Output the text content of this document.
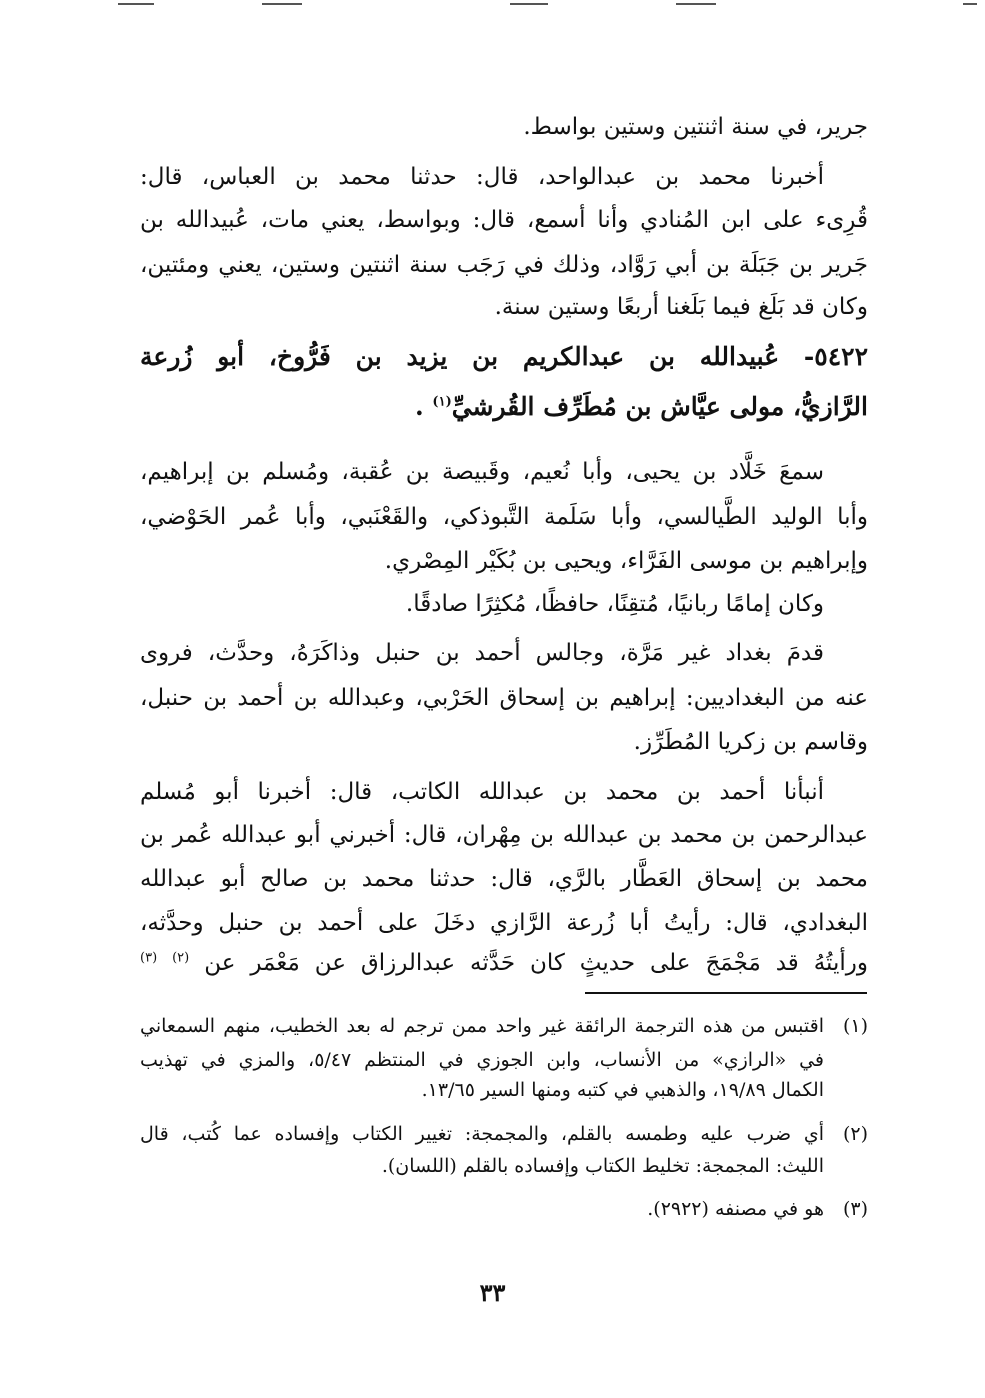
جرير، في سنة اثنتين وستين بواسط.
أخبرنا محمد بن عبدالواحد، قال: حدثنا محمد بن العباس، قال:
قُرِىء على ابن المُنادي وأنا أسمع، قال: وبواسط، يعني مات، عُبيدالله بن
جَرير بن جَبَلَة بن أبي رَوَّاد، وذلك في رَجَب سنة اثنتين وستين، يعني ومئتين،
وكان قد بَلَغ فيما بَلَغنا أربعًا وستين سنة.
٥٤٢٢- عُبيدالله بن عبدالكريم بن يزيد بن فَرُّوخ، أبو زُرعة
الرَّازيُّ، مولى عيَّاش بن مُطَرِّف القُرشيِّ$^{(١)}$ .
سمعَ خَلَّاد بن يحيى، وأبا نُعيم، وقَبيصة بن عُقبة، ومُسلم بن إبراهيم،
وأبا الوليد الطَّيالسي، وأبا سَلَمة التَّبوذكي، والقَعْنَبي، وأبا عُمر الحَوْضي،
وإبراهيم بن موسى الفَرَّاء، ويحيى بن بُكَيْر المِصْري.
وكان إمامًا ربانيًا، مُتقِنًا، حافظًا، مُكثِرًا صادقًا.
قدمَ بغداد غير مَرَّة، وجالس أحمد بن حنبل وذاكَرَهُ، وحدَّث، فروى
عنه من البغداديين: إبراهيم بن إسحاق الحَرْبي، وعبدالله بن أحمد بن حنبل،
وقاسم بن زكريا المُطَرِّز.
أنبأنا أحمد بن محمد بن عبدالله الكاتب، قال: أخبرنا أبو مُسلم
عبدالرحمن بن محمد بن عبدالله بن مِهْران، قال: أخبرني أبو عبدالله عُمر بن
محمد بن إسحاق العَطَّار بالرَّي، قال: حدثنا محمد بن صالح أبو عبدالله
البغدادي، قال: رأيتُ أبا زُرعة الرَّازي دخَلَ على أحمد بن حنبل وحدَّثه،
ورأيتُهُ قد مَجْمَجَ على حديثٍ كان حَدَّثه عبدالرزاق عن مَعْمَر عن $^{(٢)}$ $^{(٣)}$
(١)اقتبس من هذه الترجمة الرائقة غير واحد ممن ترجم له بعد الخطيب، منهم السمعاني
في «الرازي» من الأنساب، وابن الجوزي في المنتظم ٥/٤٧، والمزي في تهذيب
الكمال ١٩/٨٩، والذهبي في كتبه ومنها السير ١٣/٦٥.
(٢)أي ضرب عليه وطمسه بالقلم، والمجمجة: تغيير الكتاب وإفساده عما كُتب، قال
الليث: المجمجة: تخليط الكتاب وإفساده بالقلم (اللسان).
(٣)هو في مصنفه (٢٩٢٢).
٣٣
